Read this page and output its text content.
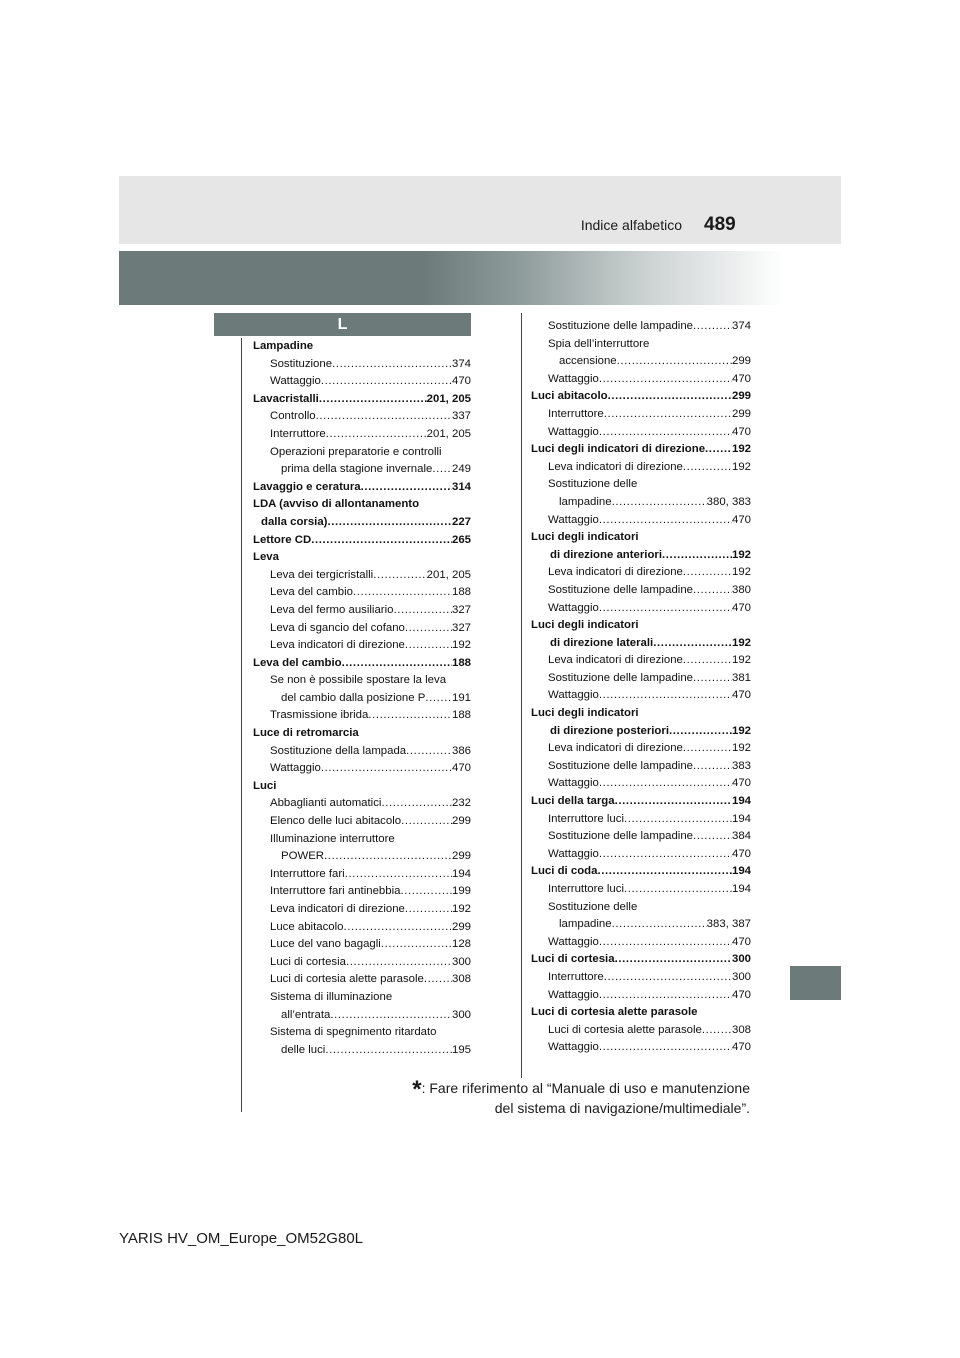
Indice alfabetico 489
L
Lampadine
Sostituzione .....	374
Wattaggio .....	470
Lavacristalli .....	201, 205
Controllo .....	337
Interruttore .....	201, 205
Operazioni preparatorie e controlli
prima della stagione invernale ..... 249
Lavaggio e ceratura .....	314
LDA (avviso di allontanamento
dalla corsia) .....	227
Lettore CD .....	265
Leva
Leva dei tergicristalli .....	201, 205
Leva del cambio .....	188
Leva del fermo ausiliario .....	327
Leva di sgancio del cofano .....	327
Leva indicatori di direzione .....	192
Leva del cambio .....	188
Se non è possibile spostare la leva
del cambio dalla posizione P ..... 191
Trasmissione ibrida .....	188
Luce di retromarcia
Sostituzione della lampada .....	386
Wattaggio .....	470
Luci
Abbaglianti automatici .....	232
Elenco delle luci abitacolo .....	299
Illuminazione interruttore
POWER .....	299
Interruttore fari .....	194
Interruttore fari antinebbia .....	199
Leva indicatori di direzione .....	192
Luce abitacolo .....	299
Luce del vano bagagli .....	128
Luci di cortesia .....	300
Luci di cortesia alette parasole ..... 308
Sistema di illuminazione
all’entrata .....	300
Sistema di spegnimento ritardato
delle luci .....	195
Sostituzione delle lampadine .....	374
Spia dell’interruttore
accensione .....	299
Wattaggio .....	470
Luci abitacolo .....	299
Interruttore .....	299
Wattaggio .....	470
Luci degli indicatori di direzione ..... 192
Leva indicatori di direzione .....	192
Sostituzione delle
lampadine .....	380, 383
Wattaggio .....	470
Luci degli indicatori
di direzione anteriori .....	192
Leva indicatori di direzione .....	192
Sostituzione delle lampadine .....	380
Wattaggio .....	470
Luci degli indicatori
di direzione laterali .....	192
Leva indicatori di direzione .....	192
Sostituzione delle lampadine .....	381
Wattaggio .....	470
Luci degli indicatori
di direzione posteriori .....	192
Leva indicatori di direzione .....	192
Sostituzione delle lampadine .....	383
Wattaggio .....	470
Luci della targa .....	194
Interruttore luci .....	194
Sostituzione delle lampadine .....	384
Wattaggio .....	470
Luci di coda .....	194
Interruttore luci .....	194
Sostituzione delle
lampadine .....	383, 387
Wattaggio .....	470
Luci di cortesia .....	300
Interruttore .....	300
Wattaggio .....	470
Luci di cortesia alette parasole
Luci di cortesia alette parasole .....	308
Wattaggio .....	470
*: Fare riferimento al “Manuale di uso e manutenzione
del sistema di navigazione/multimediale”.
YARIS HV_OM_Europe_OM52G80L
